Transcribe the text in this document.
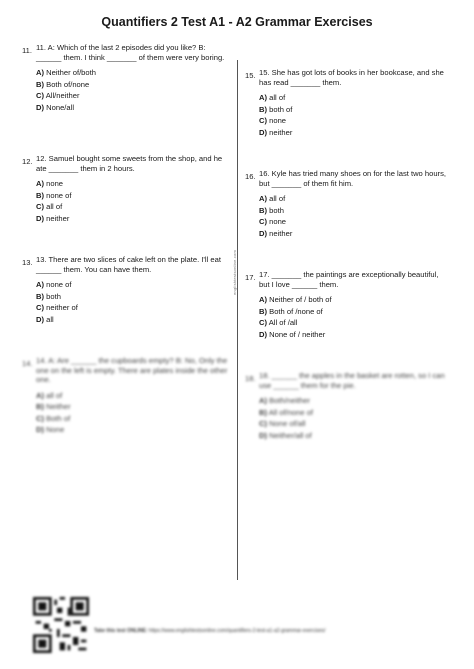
Quantifiers 2 Test A1 - A2 Grammar Exercises
englishtestsonline.com
11. 11. A: Which of the last 2 episodes did you like? B: ______ them. I think _______ of them were very boring.
A) Neither of/both
B) Both of/none
C) All/neither
D) None/all
12. 12. Samuel bought some sweets from the shop, and he ate _______ them in 2 hours.
A) none
B) none of
C) all of
D) neither
13. 13. There are two slices of cake left on the plate. I'll eat ______ them. You can have them.
A) none of
B) both
C) neither of
D) all
14. 14. A: Are ______ the cupboards empty? B: No, Only the one on the left is empty. There are plates inside the other one.
A) all of
B) Neither
C) Both of
D) None
15. 15. She has got lots of books in her bookcase, and she has read _______ them.
A) all of
B) both of
C) none
D) neither
16. 16. Kyle has tried many shoes on for the last two hours, but _______ of them fit him.
A) all of
B) both
C) none
D) neither
17. 17. _______ the paintings are exceptionally beautiful, but I love ______ them.
A) Neither of / both of
B) Both of /none of
C) All of /all
D) None of / neither
18. 18. ______ the apples in the basket are rotten, so I can use ______ them for the pie.
A) Both/neither
B) All of/none of
C) None of/all
D) Neither/all of
Take this test ONLINE: https://www.englishtestsonline.com/quantifiers-2-test-a1-a2-grammar-exercises/
